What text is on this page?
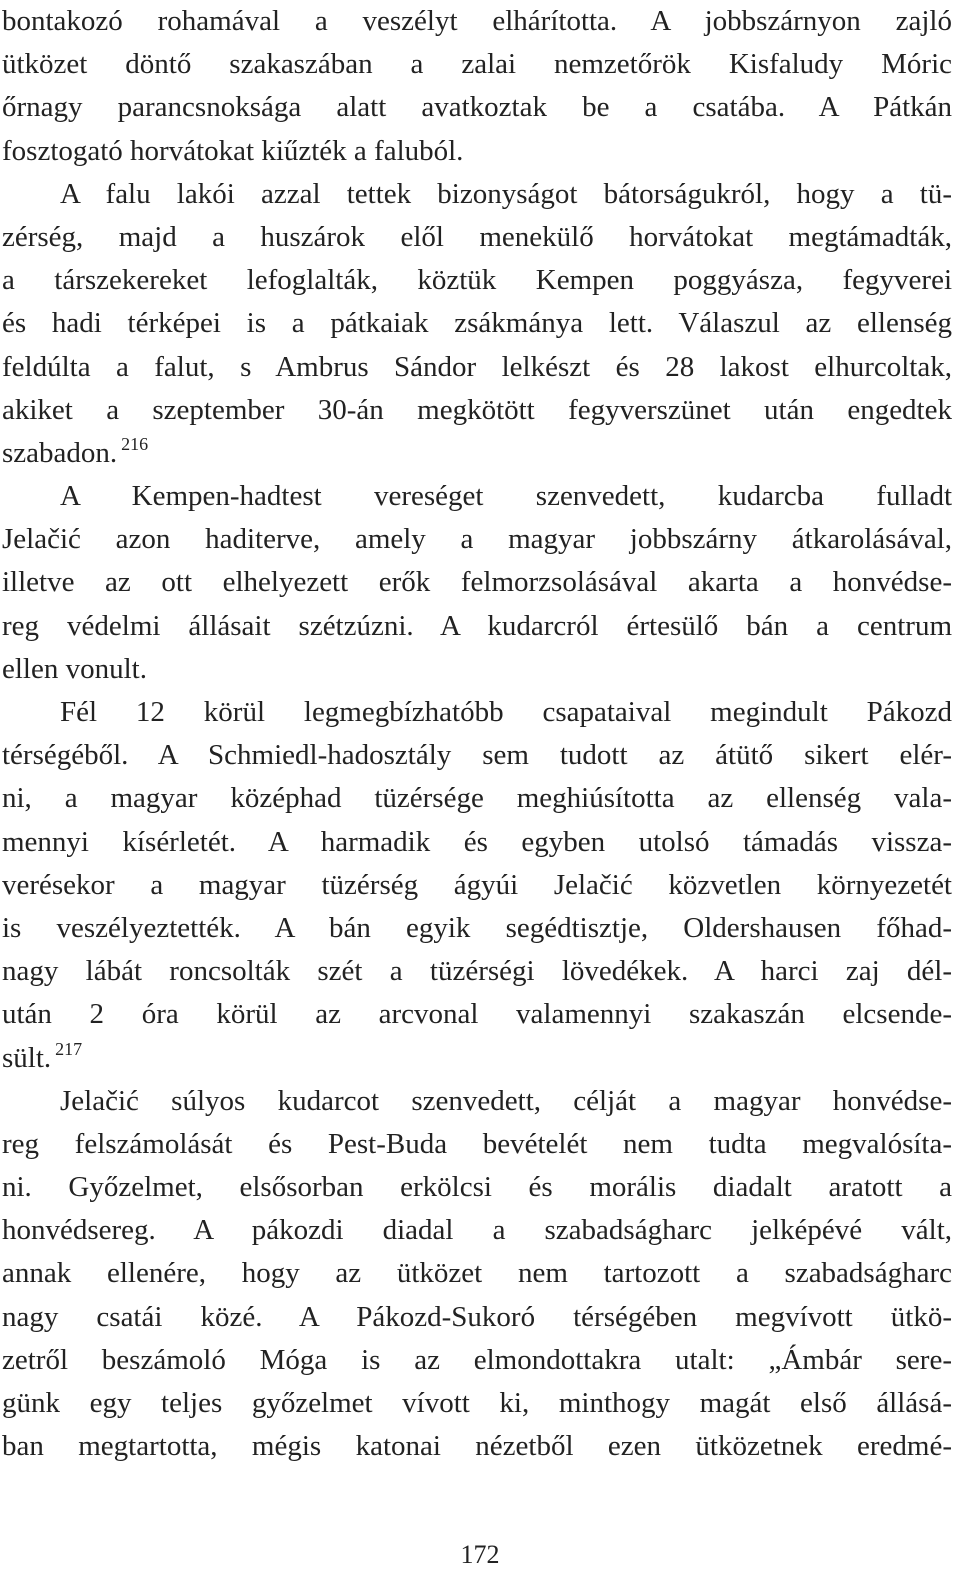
bontakozó rohamával a veszélyt elhárította. A jobbszárnyon zajló
ütközet döntő szakaszában a zalai nemzetőrök Kisfaludy Móric
őrnagy parancsnoksága alatt avatkoztak be a csatába. A Pátkán
fosztogató horvátokat kiűzték a faluból.
A falu lakói azzal tettek bizonyságot bátorságukról, hogy a tü-
zérség, majd a huszárok elől menekülő horvátokat megtámadták,
a társzekereket lefoglalták, köztük Kempen poggyásza, fegyverei
és hadi térképei is a pátkaiak zsákmánya lett. Válaszul az ellenség
feldúlta a falut, s Ambrus Sándor lelkészt és 28 lakost elhurcoltak,
akiket a szeptember 30-án megkötött fegyverszünet után engedtek
szabadon. $^{216}$
A Kempen-hadtest vereséget szenvedett, kudarcba fulladt
Jelačić azon haditerve, amely a magyar jobbszárny átkarolásával,
illetve az ott elhelyezett erők felmorzsolásával akarta a honvédse-
reg védelmi állásait szétzúzni. A kudarcról értesülő bán a centrum
ellen vonult.
Fél 12 körül legmegbízhatóbb csapataival megindult Pákozd
térségéből. A Schmiedl-hadosztály sem tudott az átütő sikert elér-
ni, a magyar középhad tüzérsége meghiúsította az ellenség vala-
mennyi kísérletét. A harmadik és egyben utolsó támadás vissza-
verésekor a magyar tüzérség ágyúi Jelačić közvetlen környezetét
is veszélyeztették. A bán egyik segédtisztje, Oldershausen főhad-
nagy lábát roncsolták szét a tüzérségi lövedékek. A harci zaj dél-
után 2 óra körül az arcvonal valamennyi szakaszán elcsende-
sült. $^{217}$
Jelačić súlyos kudarcot szenvedett, célját a magyar honvédse-
reg felszámolását és Pest-Buda bevételét nem tudta megvalósíta-
ni. Győzelmet, elsősorban erkölcsi és morális diadalt aratott a
honvédsereg. A pákozdi diadal a szabadságharc jelképévé vált,
annak ellenére, hogy az ütközet nem tartozott a szabadságharc
nagy csatái közé. A Pákozd-Sukoró térségében megvívott ütkö-
zetről beszámoló Móga is az elmondottakra utalt: „Ámbár sere-
günk egy teljes győzelmet vívott ki, minthogy magát első állásá-
ban megtartotta, mégis katonai nézetből ezen ütközetnek eredmé-
172
